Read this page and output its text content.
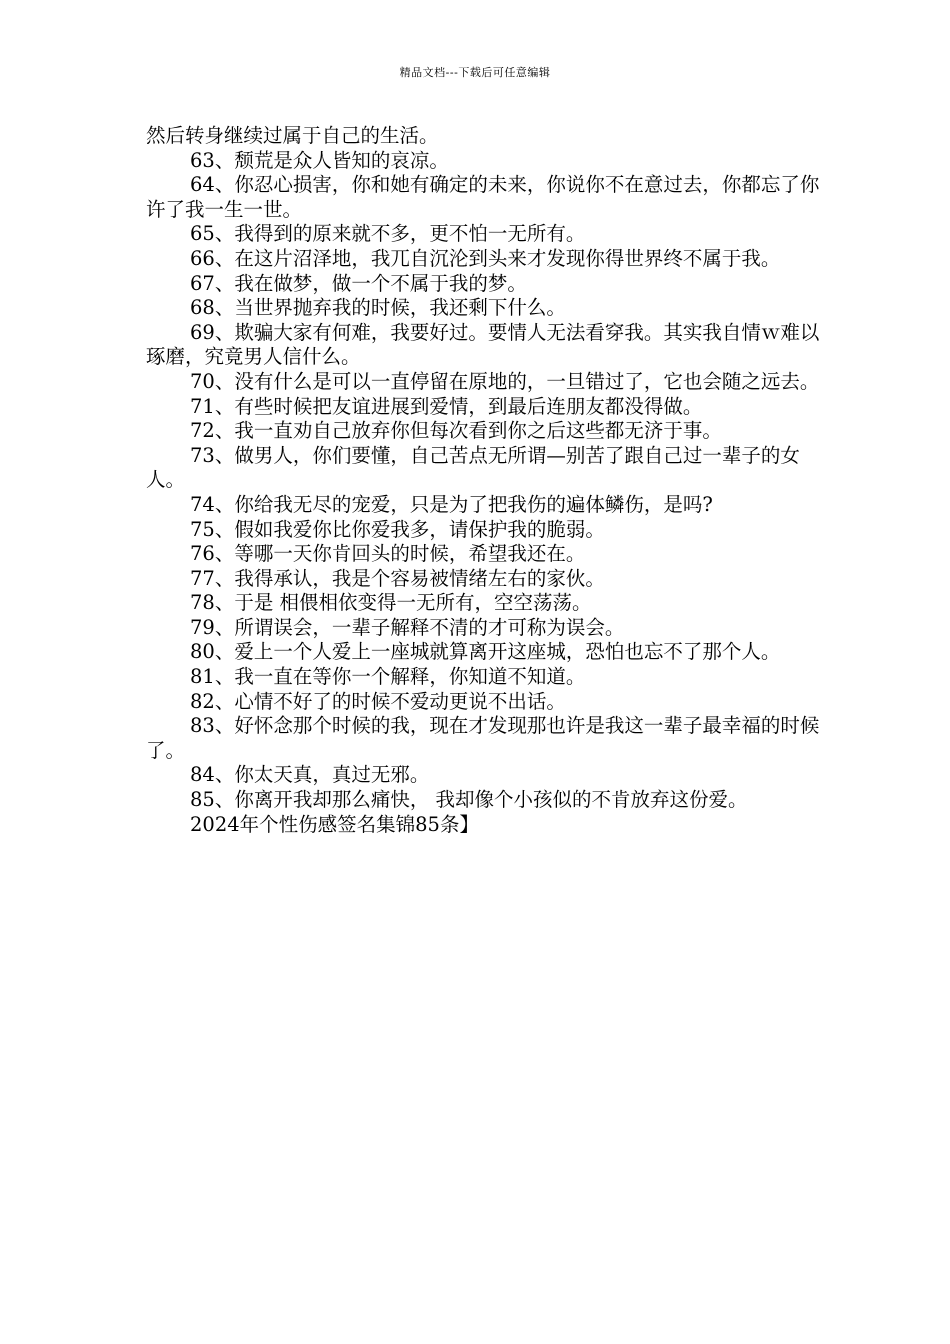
精品文档---下载后可任意编辑

然后转身继续过属于自己的生活。

63、颓荒是众人皆知的哀凉。

64、你忍心损害，你和她有确定的未来，你说你不在意过去，你都忘了你许了我一生一世。

65、我得到的原来就不多，更不怕一无所有。

66、在这片沼泽地，我兀自沉沦到头来才发现你得世界终不属于我。

67、我在做梦，做一个不属于我的梦。

68、当世界抛弃我的时候，我还剩下什么。

69、欺骗大家有何难，我要好过。要情人无法看穿我。其实我自情ｗ难以琢磨，究竟男人信什么。

70、没有什么是可以一直停留在原地的，一旦错过了，它也会随之远去。

71、有些时候把友谊进展到爱情，到最后连朋友都没得做。

72、我一直劝自己放弃你但每次看到你之后这些都无济于事。

73、做男人，你们要懂，自己苦点无所谓—别苦了跟自己过一辈子的女人。

74、你给我无尽的宠爱，只是为了把我伤的遍体鳞伤，是吗?

75、假如我爱你比你爱我多，请保护我的脆弱。

76、等哪一天你肯回头的时候，希望我还在。

77、我得承认，我是个容易被情绪左右的家伙。

78、于是 相偎相依变得一无所有，空空荡荡。

79、所谓误会，一辈子解释不清的才可称为误会。

80、爱上一个人爱上一座城就算离开这座城，恐怕也忘不了那个人。

81、我一直在等你一个解释，你知道不知道。

82、心情不好了的时候不爱动更说不出话。

83、好怀念那个时候的我，现在才发现那也许是我这一辈子最幸福的时候了。

84、你太天真，真过无邪。

85、你离开我却那么痛快， 我却像个小孩似的不肯放弃这份爱。

2024年个性伤感签名集锦85条】
